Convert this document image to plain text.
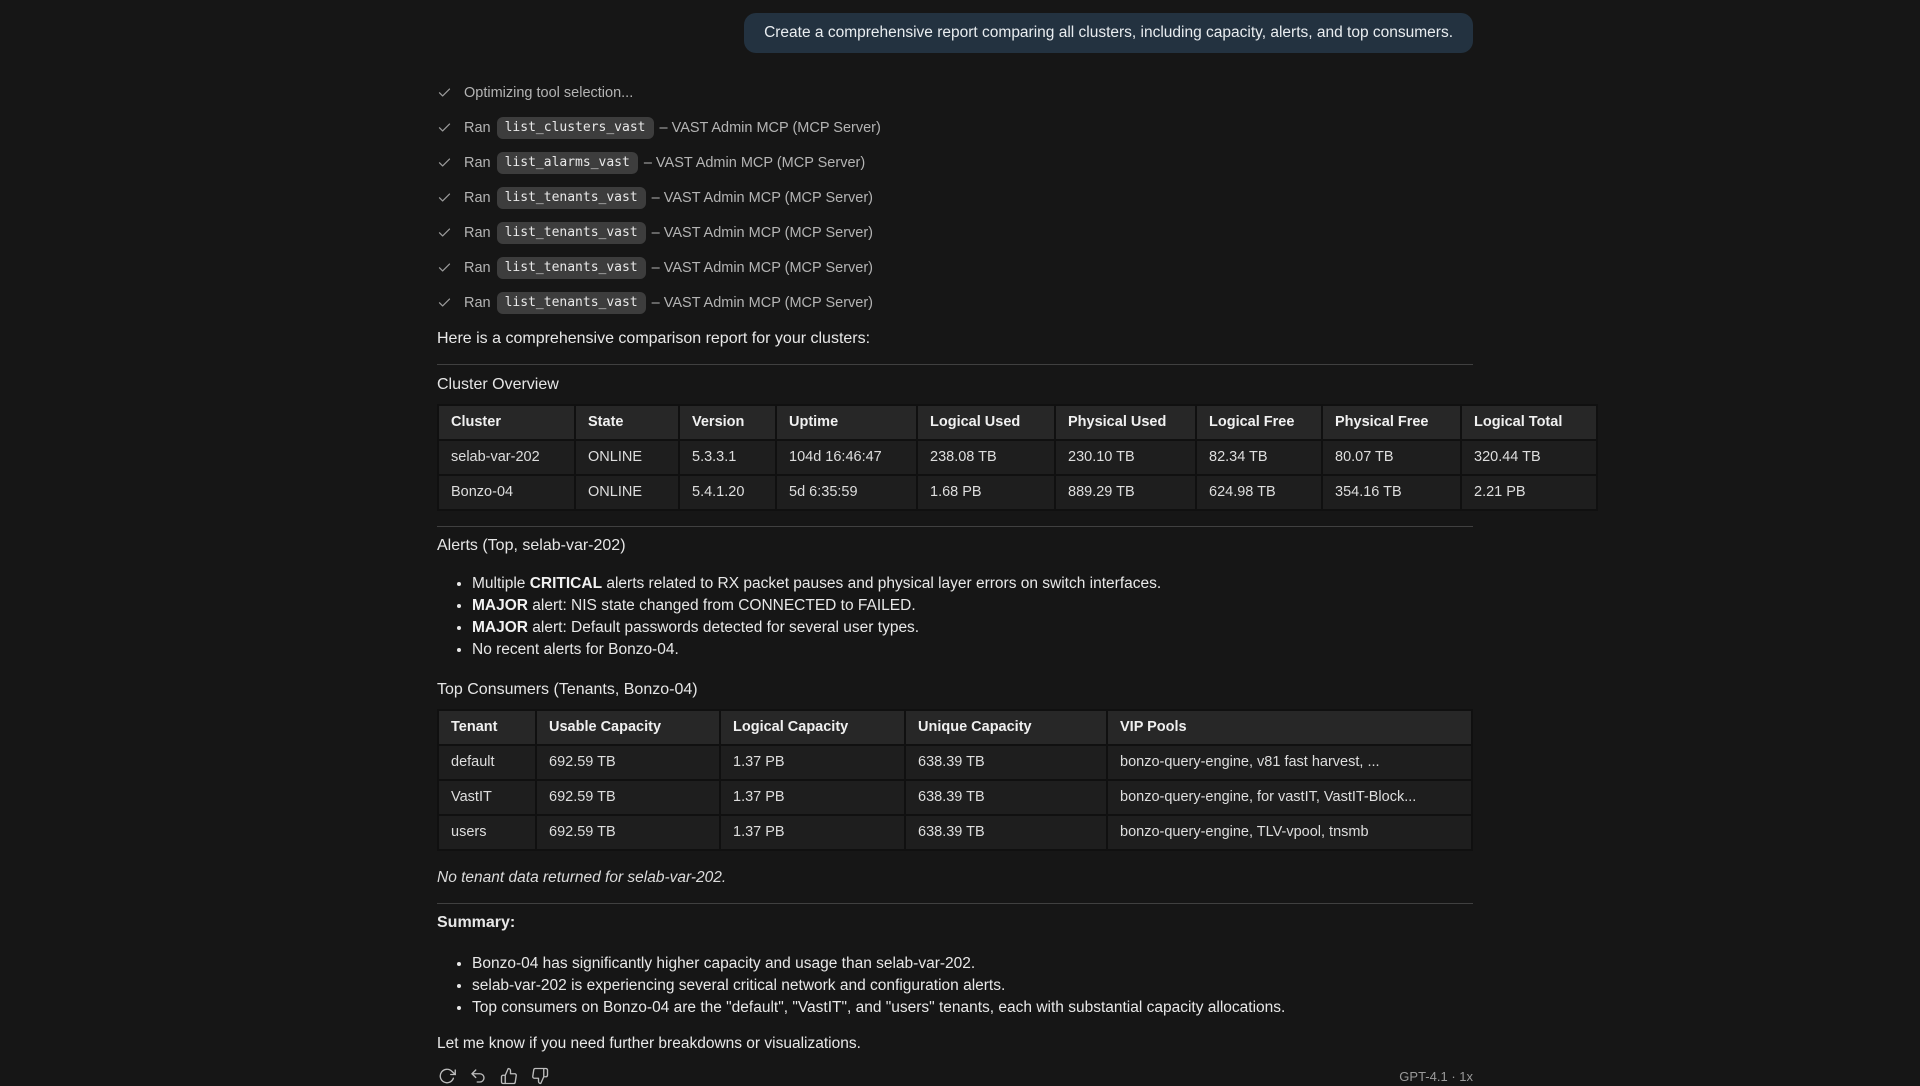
Create a comprehensive report comparing all clusters, including capacity, alerts, and top consumers.
Optimizing tool selection...
Ran	list_clusters_vast – VAST Admin MCP (MCP Server)
Ran	list_alarms_vast – VAST Admin MCP (MCP Server)
Ran	list_tenants_vast – VAST Admin MCP (MCP Server)
Ran	list_tenants_vast – VAST Admin MCP (MCP Server)
Ran	list_tenants_vast – VAST Admin MCP (MCP Server)
Ran	list_tenants_vast – VAST Admin MCP (MCP Server)

Here is a comprehensive comparison report for your clusters:

Cluster Overview

Cluster	State	Version	Uptime	Logical Used	Physical Used	Logical Free	Physical Free	Logical Total	
selab-var-202	ONLINE	5.3.3.1	104d 16:46:47	238.08 TB	230.10 TB	82.34 TB	80.07 TB	320.44 TB	
Bonzo-04	ONLINE	5.4.1.20	5d 6:35:59	1.68 PB	889.29 TB	624.98 TB	354.16 TB	2.21 PB	

Alerts (Top, selab-var-202)

• Multiple CRITICAL alerts related to RX packet pauses and physical layer errors on switch interfaces.
• MAJOR alert: NIS state changed from CONNECTED to FAILED.
• MAJOR alert: Default passwords detected for several user types.
• No recent alerts for Bonzo-04.

Top Consumers (Tenants, Bonzo-04)

Tenant	Usable Capacity	Logical Capacity	Unique Capacity	VIP Pools
default	692.59 TB	1.37 PB	638.39 TB	bonzo-query-engine, v81 fast harvest, ...
VastIT	692.59 TB	1.37 PB	638.39 TB	bonzo-query-engine, for vastIT, VastIT-Block...
users	692.59 TB	1.37 PB	638.39 TB	bonzo-query-engine, TLV-vpool, tnsmb

No tenant data returned for selab-var-202.

Summary:

• Bonzo-04 has significantly higher capacity and usage than selab-var-202.
• selab-var-202 is experiencing several critical network and configuration alerts.
• Top consumers on Bonzo-04 are the "default", "VastIT", and "users" tenants, each with substantial capacity allocations.

Let me know if you need further breakdowns or visualizations.

GPT-4.1 · 1x
